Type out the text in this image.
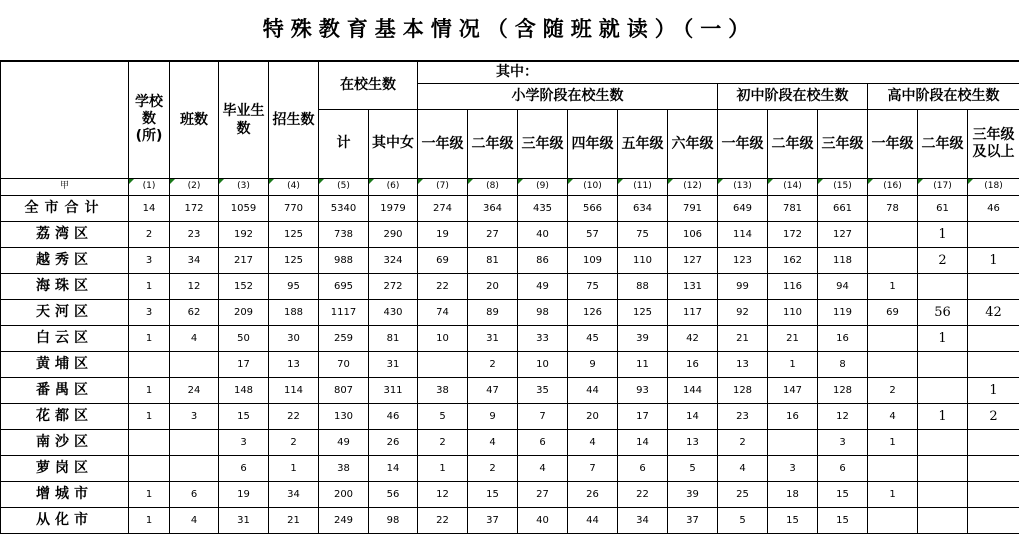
特殊教育基本情况（含随班就读）（一）
	学校数(所)	班数	毕业生数	招生数	在校生数		其中：											
							小学阶段在校生数						初中阶段在校生数			高中阶段在校生数		
					计	其中女	一年级	二年级	三年级	四年级	五年级	六年级	一年级	二年级	三年级	一年级	二年级	三年级及以上
甲	(1)	(2)	(3)	(4)	(5)	(6)	(7)	(8)	(9)	(10)	(11)	(12)	(13)	(14)	(15)	(16)	(17)	(18)
全市合计	14	172	1059	770	5340	1979	274	364	435	566	634	791	649	781	661	78	61	46
荔湾区	2	23	192	125	738	290	19	27	40	57	75	106	114	172	127		1	
越秀区	3	34	217	125	988	324	69	81	86	109	110	127	123	162	118		2	1
海珠区	1	12	152	95	695	272	22	20	49	75	88	131	99	116	94	1		
天河区	3	62	209	188	1117	430	74	89	98	126	125	117	92	110	119	69	56	42
白云区	1	4	50	30	259	81	10	31	33	45	39	42	21	21	16		1	
黄埔区			17	13	70	31		2	10	9	11	16	13	1	8			
番禺区	1	24	148	114	807	311	38	47	35	44	93	144	128	147	128	2		1
花都区	1	3	15	22	130	46	5	9	7	20	17	14	23	16	12	4	1	2
南沙区			3	2	49	26	2	4	6	4	14	13	2		3	1		
萝岗区			6	1	38	14	1	2	4	7	6	5	4	3	6			
增城市	1	6	19	34	200	56	12	15	27	26	22	39	25	18	15	1		
从化市	1	4	31	21	249	98	22	37	40	44	34	37	5	15	15			
